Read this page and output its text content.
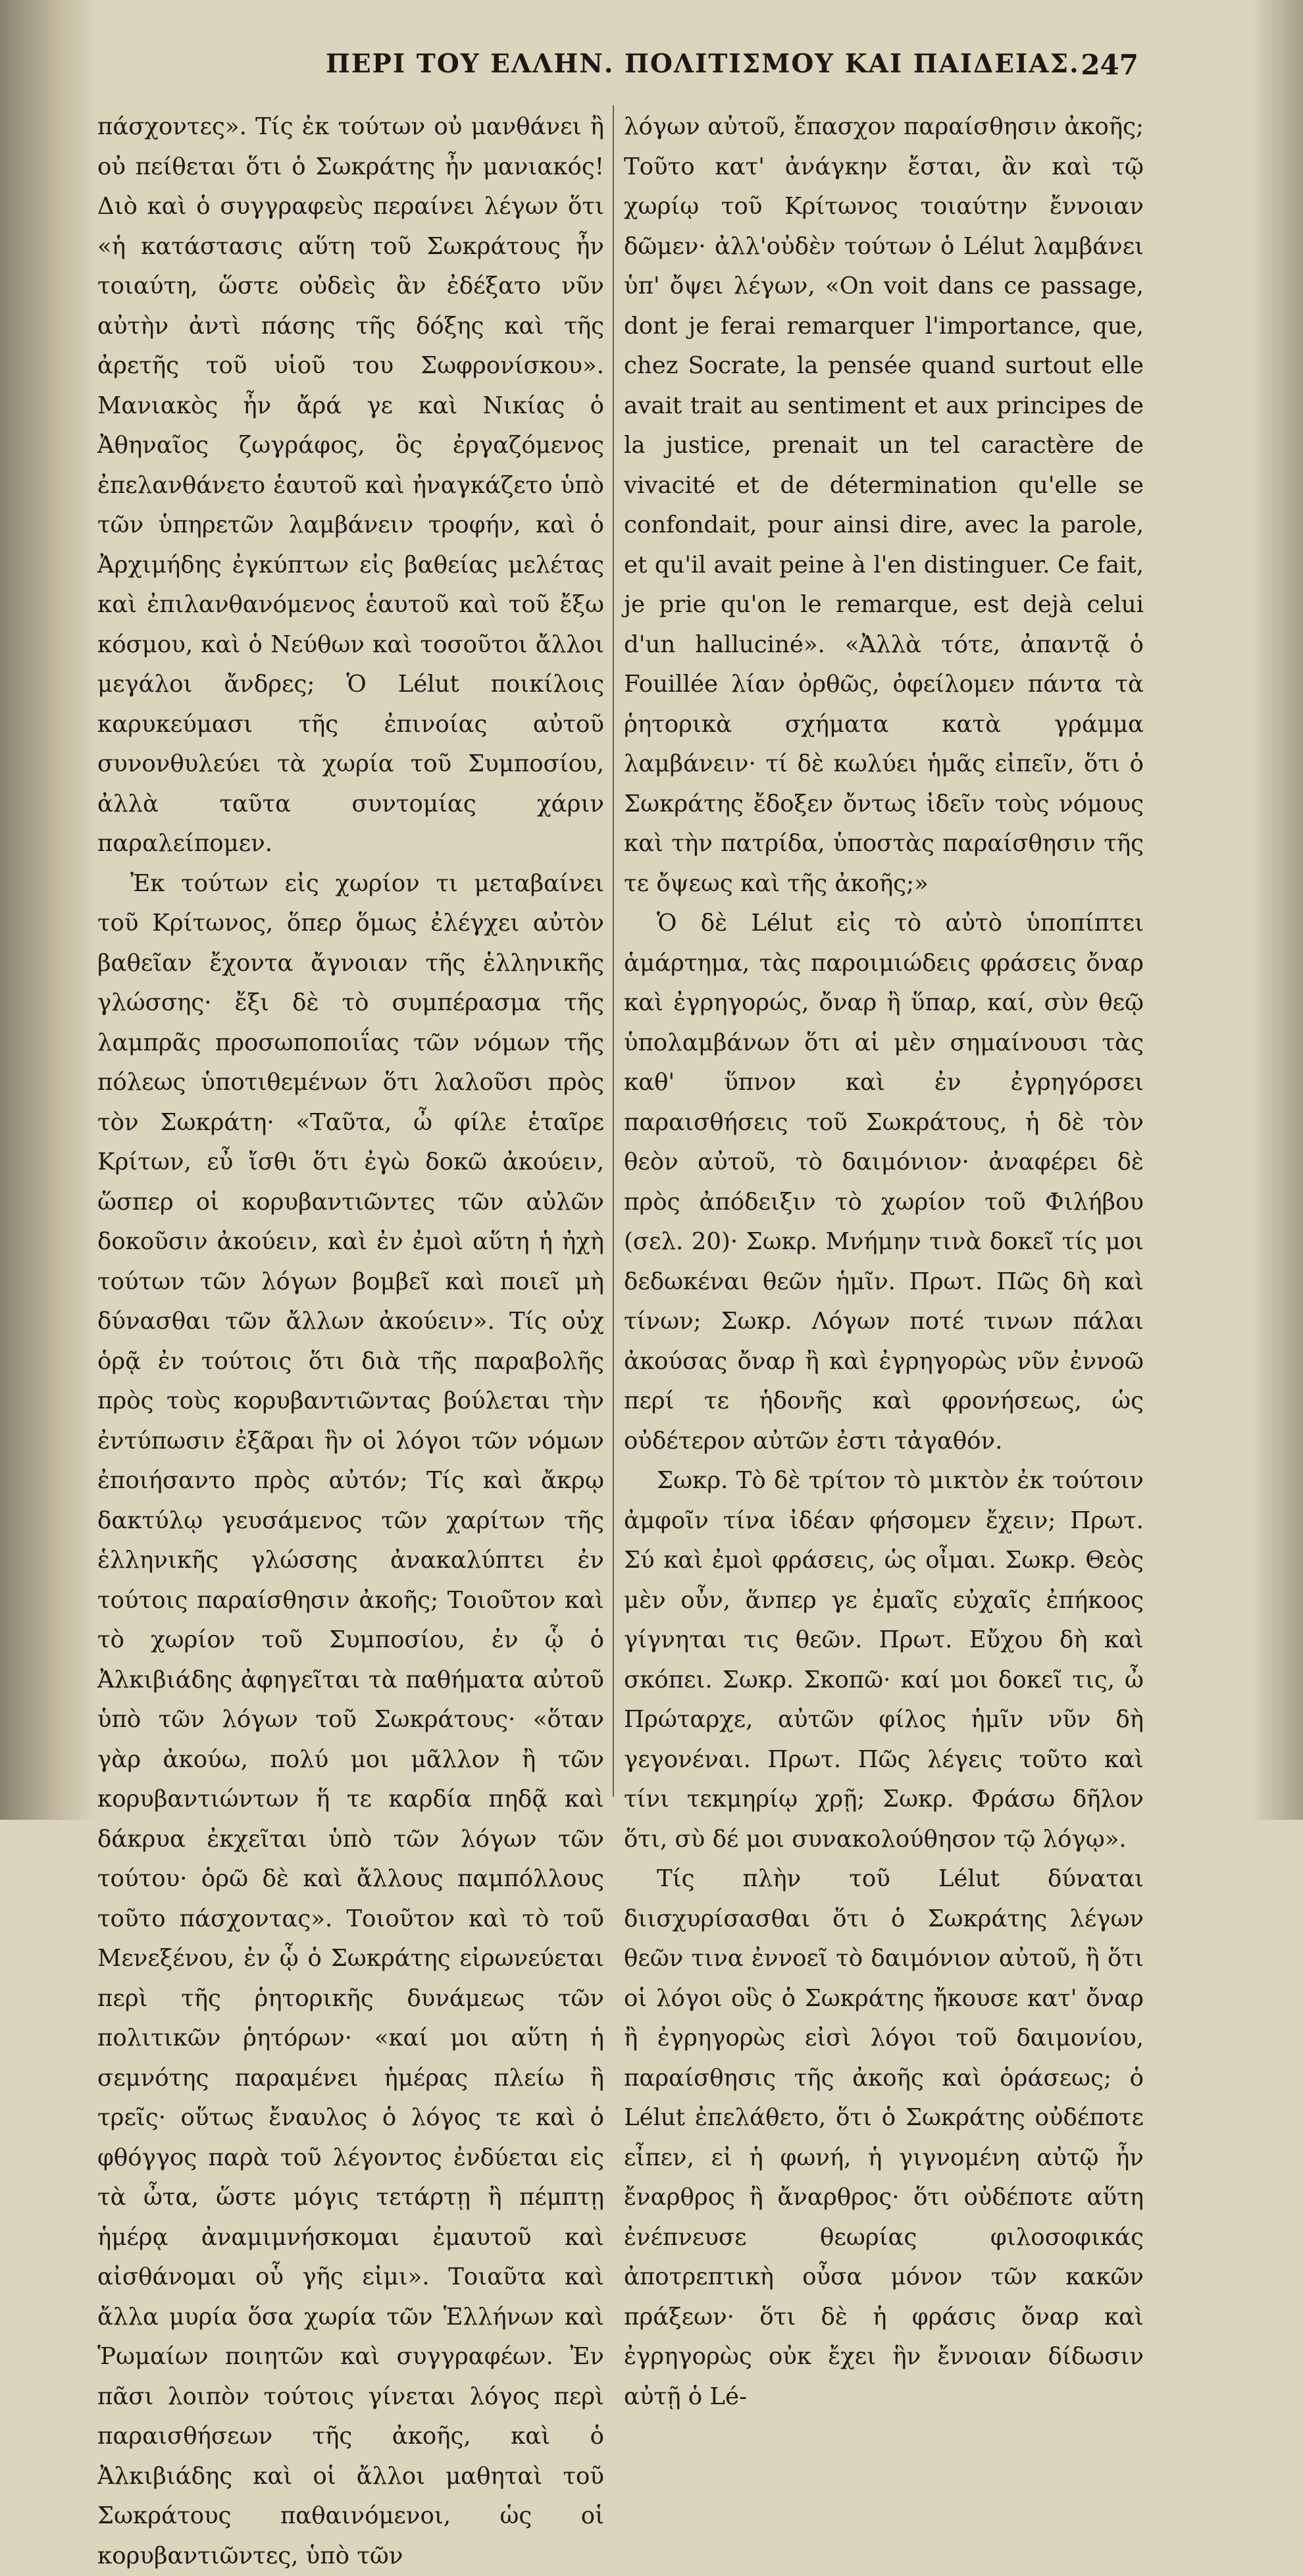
ΠΕΡΙ ΤΟΥ ΕΛΛΗΝ. ΠΟΛΙΤΙΣΜΟΥ ΚΑΙ ΠΑΙΔΕΙΑΣ. 247

πάσχοντες». Τίς ἐκ τούτων οὐ μανθάνει ἢ οὐ πείθεται ὅτι ὁ Σωκράτης ἦν μανιακός! Διὸ καὶ ὁ συγγραφεὺς περαίνει λέγων ὅτι «ἡ κατάστασις αὕτη τοῦ Σωκράτους ἦν τοιαύτη, ὥστε οὐδεὶς ἂν ἐδέξατο νῦν αὐτὴν ἀντὶ πάσης τῆς δόξης καὶ τῆς ἀρετῆς τοῦ υἱοῦ του Σωφρονίσκου». Μανιακὸς ἦν ἄρά γε καὶ Νικίας ὁ Ἀθηναῖος ζωγράφος, ὃς ἐργαζόμενος ἐπελανθάνετο ἑαυτοῦ καὶ ἠναγκάζετο ὑπὸ τῶν ὑπηρετῶν λαμβάνειν τροφήν, καὶ ὁ Ἀρχιμήδης ἐγκύπτων εἰς βαθείας μελέτας καὶ ἐπιλανθανόμενος ἑαυτοῦ καὶ τοῦ ἔξω κόσμου, καὶ ὁ Νεύθων καὶ τοσοῦτοι ἄλλοι μεγάλοι ἄνδρες; Ὁ Lélut ποικίλοις καρυκεύμασι τῆς ἐπινοίας αὐτοῦ συνονθυλεύει τὰ χωρία τοῦ Συμποσίου, ἀλλὰ ταῦτα συντομίας χάριν παραλείπομεν.

Ἐκ τούτων εἰς χωρίον τι μεταβαίνει τοῦ Κρίτωνος, ὅπερ ὅμως ἐλέγχει αὐτὸν βαθεῖαν ἔχοντα ἄγνοιαν τῆς ἑλληνικῆς γλώσσης· ἔξι δὲ τὸ συμπέρασμα τῆς λαμπρᾶς προσωποποιΐας τῶν νόμων τῆς πόλεως ὑποτιθεμένων ὅτι λαλοῦσι πρὸς τὸν Σωκράτη· «Ταῦτα, ὦ φίλε ἑταῖρε Κρίτων, εὖ ἴσθι ὅτι ἐγὼ δοκῶ ἀκούειν, ὥσπερ οἱ κορυβαντιῶντες τῶν αὐλῶν δοκοῦσιν ἀκούειν, καὶ ἐν ἐμοὶ αὕτη ἡ ἠχὴ τούτων τῶν λόγων βομβεῖ καὶ ποιεῖ μὴ δύνασθαι τῶν ἄλλων ἀκούειν». Τίς οὐχ ὁρᾷ ἐν τούτοις ὅτι διὰ τῆς παραβολῆς πρὸς τοὺς κορυβαντιῶντας βούλεται τὴν ἐντύπωσιν ἐξᾶραι ἣν οἱ λόγοι τῶν νόμων ἐποιήσαντο πρὸς αὐτόν; Τίς καὶ ἄκρῳ δακτύλῳ γευσάμενος τῶν χαρίτων τῆς ἑλληνικῆς γλώσσης ἀνακαλύπτει ἐν τούτοις παραίσθησιν ἀκοῆς; Τοιοῦτον καὶ τὸ χωρίον τοῦ Συμποσίου, ἐν ᾧ ὁ Ἀλκιβιάδης ἀφηγεῖται τὰ παθήματα αὐτοῦ ὑπὸ τῶν λόγων τοῦ Σωκράτους· «ὅταν γὰρ ἀκούω, πολύ μοι μᾶλλον ἢ τῶν κορυβαντιώντων ἥ τε καρδία πηδᾷ καὶ δάκρυα ἐκχεῖται ὑπὸ τῶν λόγων τῶν τούτου· ὁρῶ δὲ καὶ ἄλλους παμπόλλους τοῦτο πάσχοντας». Τοιοῦτον καὶ τὸ τοῦ Μενεξένου, ἐν ᾧ ὁ Σωκράτης εἰρωνεύεται περὶ τῆς ῥητορικῆς δυνάμεως τῶν πολιτικῶν ῥητόρων· «καί μοι αὕτη ἡ σεμνότης παραμένει ἡμέρας πλείω ἢ τρεῖς· οὕτως ἔναυλος ὁ λόγος τε καὶ ὁ φθόγγος παρὰ τοῦ λέγοντος ἐνδύεται εἰς τὰ ὦτα, ὥστε μόγις τετάρτῃ ἢ πέμπτῃ ἡμέρᾳ ἀναμιμνήσκομαι ἐμαυτοῦ καὶ αἰσθάνομαι οὗ γῆς εἰμι». Τοιαῦτα καὶ ἄλλα μυρία ὅσα χωρία τῶν Ἑλλήνων καὶ Ῥωμαίων ποιητῶν καὶ συγγραφέων. Ἐν πᾶσι λοιπὸν τούτοις γίνεται λόγος περὶ παραισθήσεων τῆς ἀκοῆς, καὶ ὁ Ἀλκιβιάδης καὶ οἱ ἄλλοι μαθηταὶ τοῦ Σωκράτους παθαινόμενοι, ὡς οἱ κορυβαντιῶντες, ὑπὸ τῶν

λόγων αὐτοῦ, ἔπασχον παραίσθησιν ἀκοῆς; Τοῦτο κατ' ἀνάγκην ἔσται, ἂν καὶ τῷ χωρίῳ τοῦ Κρίτωνος τοιαύτην ἔννοιαν δῶμεν· ἀλλ'οὐδὲν τούτων ὁ Lélut λαμβάνει ὑπ' ὄψει λέγων, «On voit dans ce passage, dont je ferai remarquer l'importance, que, chez Socrate, la pensée quand surtout elle avait trait au sentiment et aux principes de la justice, prenait un tel caractère de vivacité et de détermination qu'elle se confondait, pour ainsi dire, avec la parole, et qu'il avait peine à l'en distinguer. Ce fait, je prie qu'on le remarque, est dejà celui d'un halluciné». «Ἀλλὰ τότε, ἀπαντᾷ ὁ Fouillée λίαν ὀρθῶς, ὀφείλομεν πάντα τὰ ῥητορικὰ σχήματα κατὰ γράμμα λαμβάνειν· τί δὲ κωλύει ἡμᾶς εἰπεῖν, ὅτι ὁ Σωκράτης ἔδοξεν ὄντως ἰδεῖν τοὺς νόμους καὶ τὴν πατρίδα, ὑποστὰς παραίσθησιν τῆς τε ὄψεως καὶ τῆς ἀκοῆς;»

Ὁ δὲ Lélut εἰς τὸ αὐτὸ ὑποπίπτει ἁμάρτημα, τὰς παροιμιώδεις φράσεις ὄναρ καὶ ἐγρηγορώς, ὄναρ ἢ ὕπαρ, καί, σὺν θεῷ ὑπολαμβάνων ὅτι αἱ μὲν σημαίνουσι τὰς καθ' ὕπνον καὶ ἐν ἐγρηγόρσει παραισθήσεις τοῦ Σωκράτους, ἡ δὲ τὸν θεὸν αὐτοῦ, τὸ δαιμόνιον· ἀναφέρει δὲ πρὸς ἀπόδειξιν τὸ χωρίον τοῦ Φιλήβου (σελ. 20)· Σωκρ. Μνήμην τινὰ δοκεῖ τίς μοι δεδωκέναι θεῶν ἡμῖν. Πρωτ. Πῶς δὴ καὶ τίνων; Σωκρ. Λόγων ποτέ τινων πάλαι ἀκούσας ὄναρ ἢ καὶ ἐγρηγορὼς νῦν ἐννοῶ περί τε ἡδονῆς καὶ φρονήσεως, ὡς οὐδέτερον αὐτῶν ἐστι τἀγαθόν.

Σωκρ. Τὸ δὲ τρίτον τὸ μικτὸν ἐκ τούτοιν ἀμφοῖν τίνα ἰδέαν φήσομεν ἔχειν; Πρωτ. Σύ καὶ ἐμοὶ φράσεις, ὡς οἶμαι. Σωκρ. Θεὸς μὲν οὖν, ἅνπερ γε ἐμαῖς εὐχαῖς ἐπήκοος γίγνηται τις θεῶν. Πρωτ. Εὔχου δὴ καὶ σκόπει. Σωκρ. Σκοπῶ· καί μοι δοκεῖ τις, ὦ Πρώταρχε, αὐτῶν φίλος ἡμῖν νῦν δὴ γεγονέναι. Πρωτ. Πῶς λέγεις τοῦτο καὶ τίνι τεκμηρίῳ χρῇ; Σωκρ. Φράσω δῆλον ὅτι, σὺ δέ μοι συνακολούθησον τῷ λόγῳ».

Τίς πλὴν τοῦ Lélut δύναται διισχυρίσασθαι ὅτι ὁ Σωκράτης λέγων θεῶν τινα ἐννοεῖ τὸ δαιμόνιον αὐτοῦ, ἢ ὅτι οἱ λόγοι οὓς ὁ Σωκράτης ἤκουσε κατ' ὄναρ ἢ ἐγρηγορὼς εἰσὶ λόγοι τοῦ δαιμονίου, παραίσθησις τῆς ἀκοῆς καὶ ὁράσεως; ὁ Lélut ἐπελάθετο, ὅτι ὁ Σωκράτης οὐδέποτε εἶπεν, εἰ ἡ φωνή, ἡ γιγνομένη αὐτῷ ἦν ἔναρθρος ἢ ἄναρθρος· ὅτι οὐδέποτε αὕτη ἐνέπνευσε θεωρίας φιλοσοφικάς ἀποτρεπτικὴ οὖσα μόνον τῶν κακῶν πράξεων· ὅτι δὲ ἡ φράσις ὄναρ καὶ ἐγρηγορὼς οὐκ ἔχει ἣν ἔννοιαν δίδωσιν αὐτῇ ὁ Lé-
